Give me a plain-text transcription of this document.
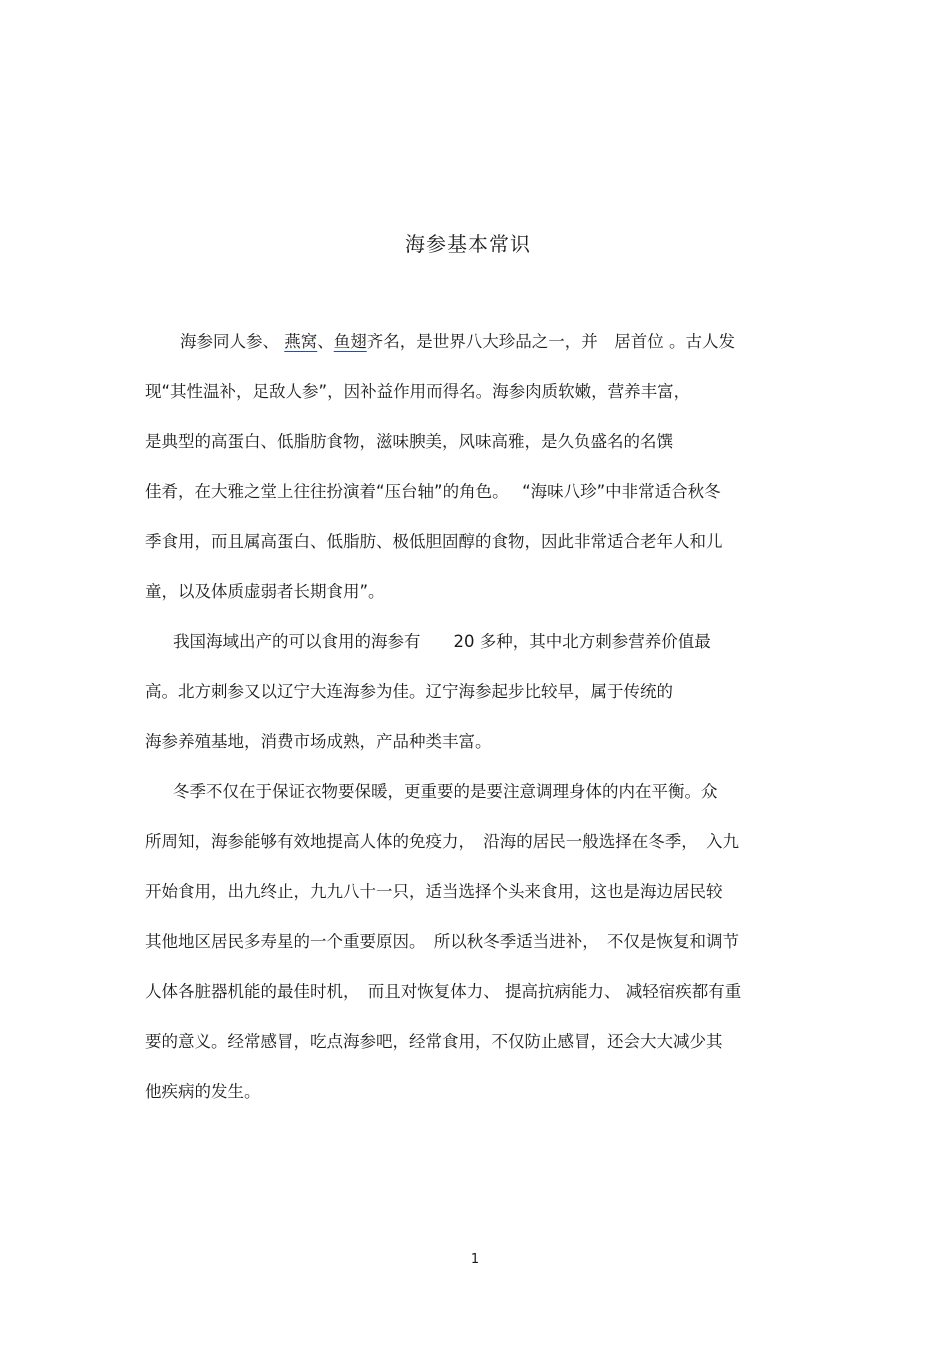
海参基本常识
海参同人参、 燕窝、鱼翅齐名，是世界八大珍品之一，并　居首位 。古人发
现“其性温补，足敌人参”，因补益作用而得名。海参肉质软嫩，营养丰富，
是典型的高蛋白、低脂肪食物，滋味腴美，风味高雅，是久负盛名的名馔
佳肴，在大雅之堂上往往扮演着“压台轴”的角色。　 “海味八珍”中非常适合秋冬
季食用，而且属高蛋白、低脂肪、极低胆固醇的食物，因此非常适合老年人和儿
童，以及体质虚弱者长期食用”。
我国海域出产的可以食用的海参有　　20 多种，其中北方刺参营养价值最
高。北方刺参又以辽宁大连海参为佳。辽宁海参起步比较早，属于传统的
海参养殖基地，消费市场成熟，产品种类丰富。
冬季不仅在于保证衣物要保暖，更重要的是要注意调理身体的内在平衡。众
所周知，海参能够有效地提高人体的免疫力，　沿海的居民一般选择在冬季，　入九
开始食用，出九终止，九九八十一只，适当选择个头来食用，这也是海边居民较
其他地区居民多寿星的一个重要原因。　所以秋冬季适当进补，　不仅是恢复和调节
人体各脏器机能的最佳时机，　而且对恢复体力、 提高抗病能力、 减轻宿疾都有重
要的意义。经常感冒，吃点海参吧，经常食用，不仅防止感冒，还会大大减少其
他疾病的发生。
1
